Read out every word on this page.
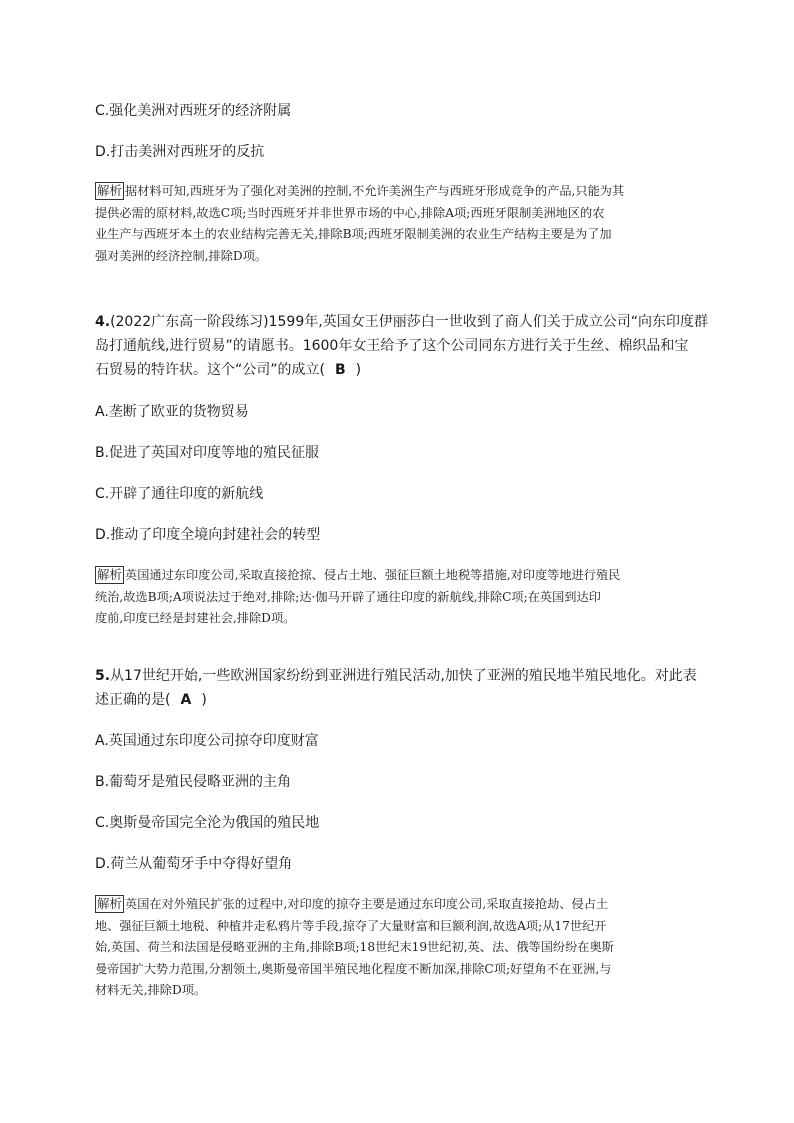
C.强化美洲对西班牙的经济附属
D.打击美洲对西班牙的反抗
解析 据材料可知,西班牙为了强化对美洲的控制,不允许美洲生产与西班牙形成竞争的产品,只能为其
提供必需的原材料,故选C项;当时西班牙并非世界市场的中心,排除A项;西班牙限制美洲地区的农
业生产与西班牙本土的农业结构完善无关,排除B项;西班牙限制美洲的农业生产结构主要是为了加
强对美洲的经济控制,排除D项。
4.(2022广东高一阶段练习)1599年,英国女王伊丽莎白一世收到了商人们关于成立公司“向东印度群
岛打通航线,进行贸易”的请愿书。1600年女王给予了这个公司同东方进行关于生丝、棉织品和宝
石贸易的特许状。这个“公司”的成立( B )
A.垄断了欧亚的货物贸易
B.促进了英国对印度等地的殖民征服
C.开辟了通往印度的新航线
D.推动了印度全境向封建社会的转型
解析 英国通过东印度公司,采取直接抢掠、侵占土地、强征巨额土地税等措施,对印度等地进行殖民
统治,故选B项;A项说法过于绝对,排除;达·伽马开辟了通往印度的新航线,排除C项;在英国到达印
度前,印度已经是封建社会,排除D项。
5.从17世纪开始,一些欧洲国家纷纷到亚洲进行殖民活动,加快了亚洲的殖民地半殖民地化。对此表
述正确的是( A )
A.英国通过东印度公司掠夺印度财富
B.葡萄牙是殖民侵略亚洲的主角
C.奥斯曼帝国完全沦为俄国的殖民地
D.荷兰从葡萄牙手中夺得好望角
解析 英国在对外殖民扩张的过程中,对印度的掠夺主要是通过东印度公司,采取直接抢劫、侵占土
地、强征巨额土地税、种植并走私鸦片等手段,掠夺了大量财富和巨额利润,故选A项;从17世纪开
始,英国、荷兰和法国是侵略亚洲的主角,排除B项;18世纪末19世纪初,英、法、俄等国纷纷在奥斯
曼帝国扩大势力范围,分割领土,奥斯曼帝国半殖民地化程度不断加深,排除C项;好望角不在亚洲,与
材料无关,排除D项。
